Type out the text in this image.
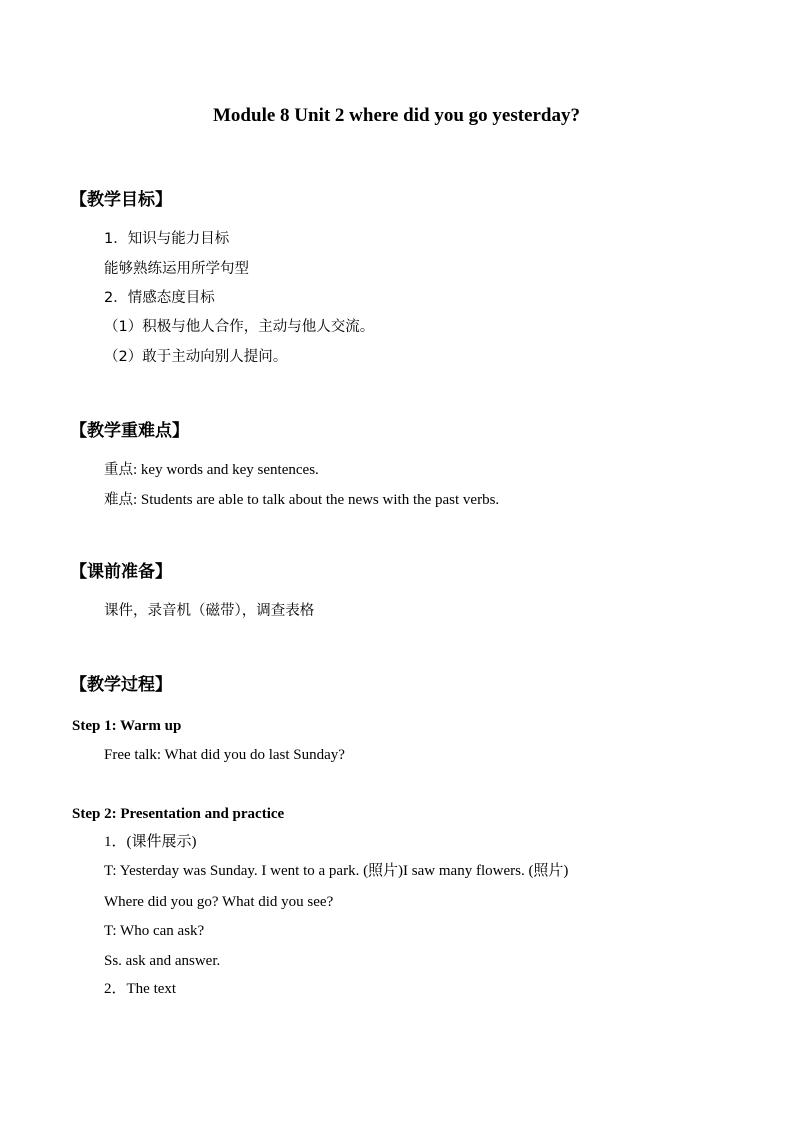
Module 8 Unit 2 where did you go yesterday?
【教学目标】
1．知识与能力目标
能够熟练运用所学句型
2．情感态度目标
（1）积极与他人合作，主动与他人交流。
（2）敢于主动向别人提问。
【教学重难点】
重点: key words and key sentences.
难点: Students are able to talk about the news with the past verbs.
【课前准备】
课件，录音机（磁带），调查表格
【教学过程】
Step 1: Warm up
Free talk: What did you do last Sunday?
Step 2: Presentation and practice
1．(课件展示)
T: Yesterday was Sunday. I went to a park. (照片)I saw many flowers. (照片)
Where did you go? What did you see?
T: Who can ask?
Ss. ask and answer.
2．The text
